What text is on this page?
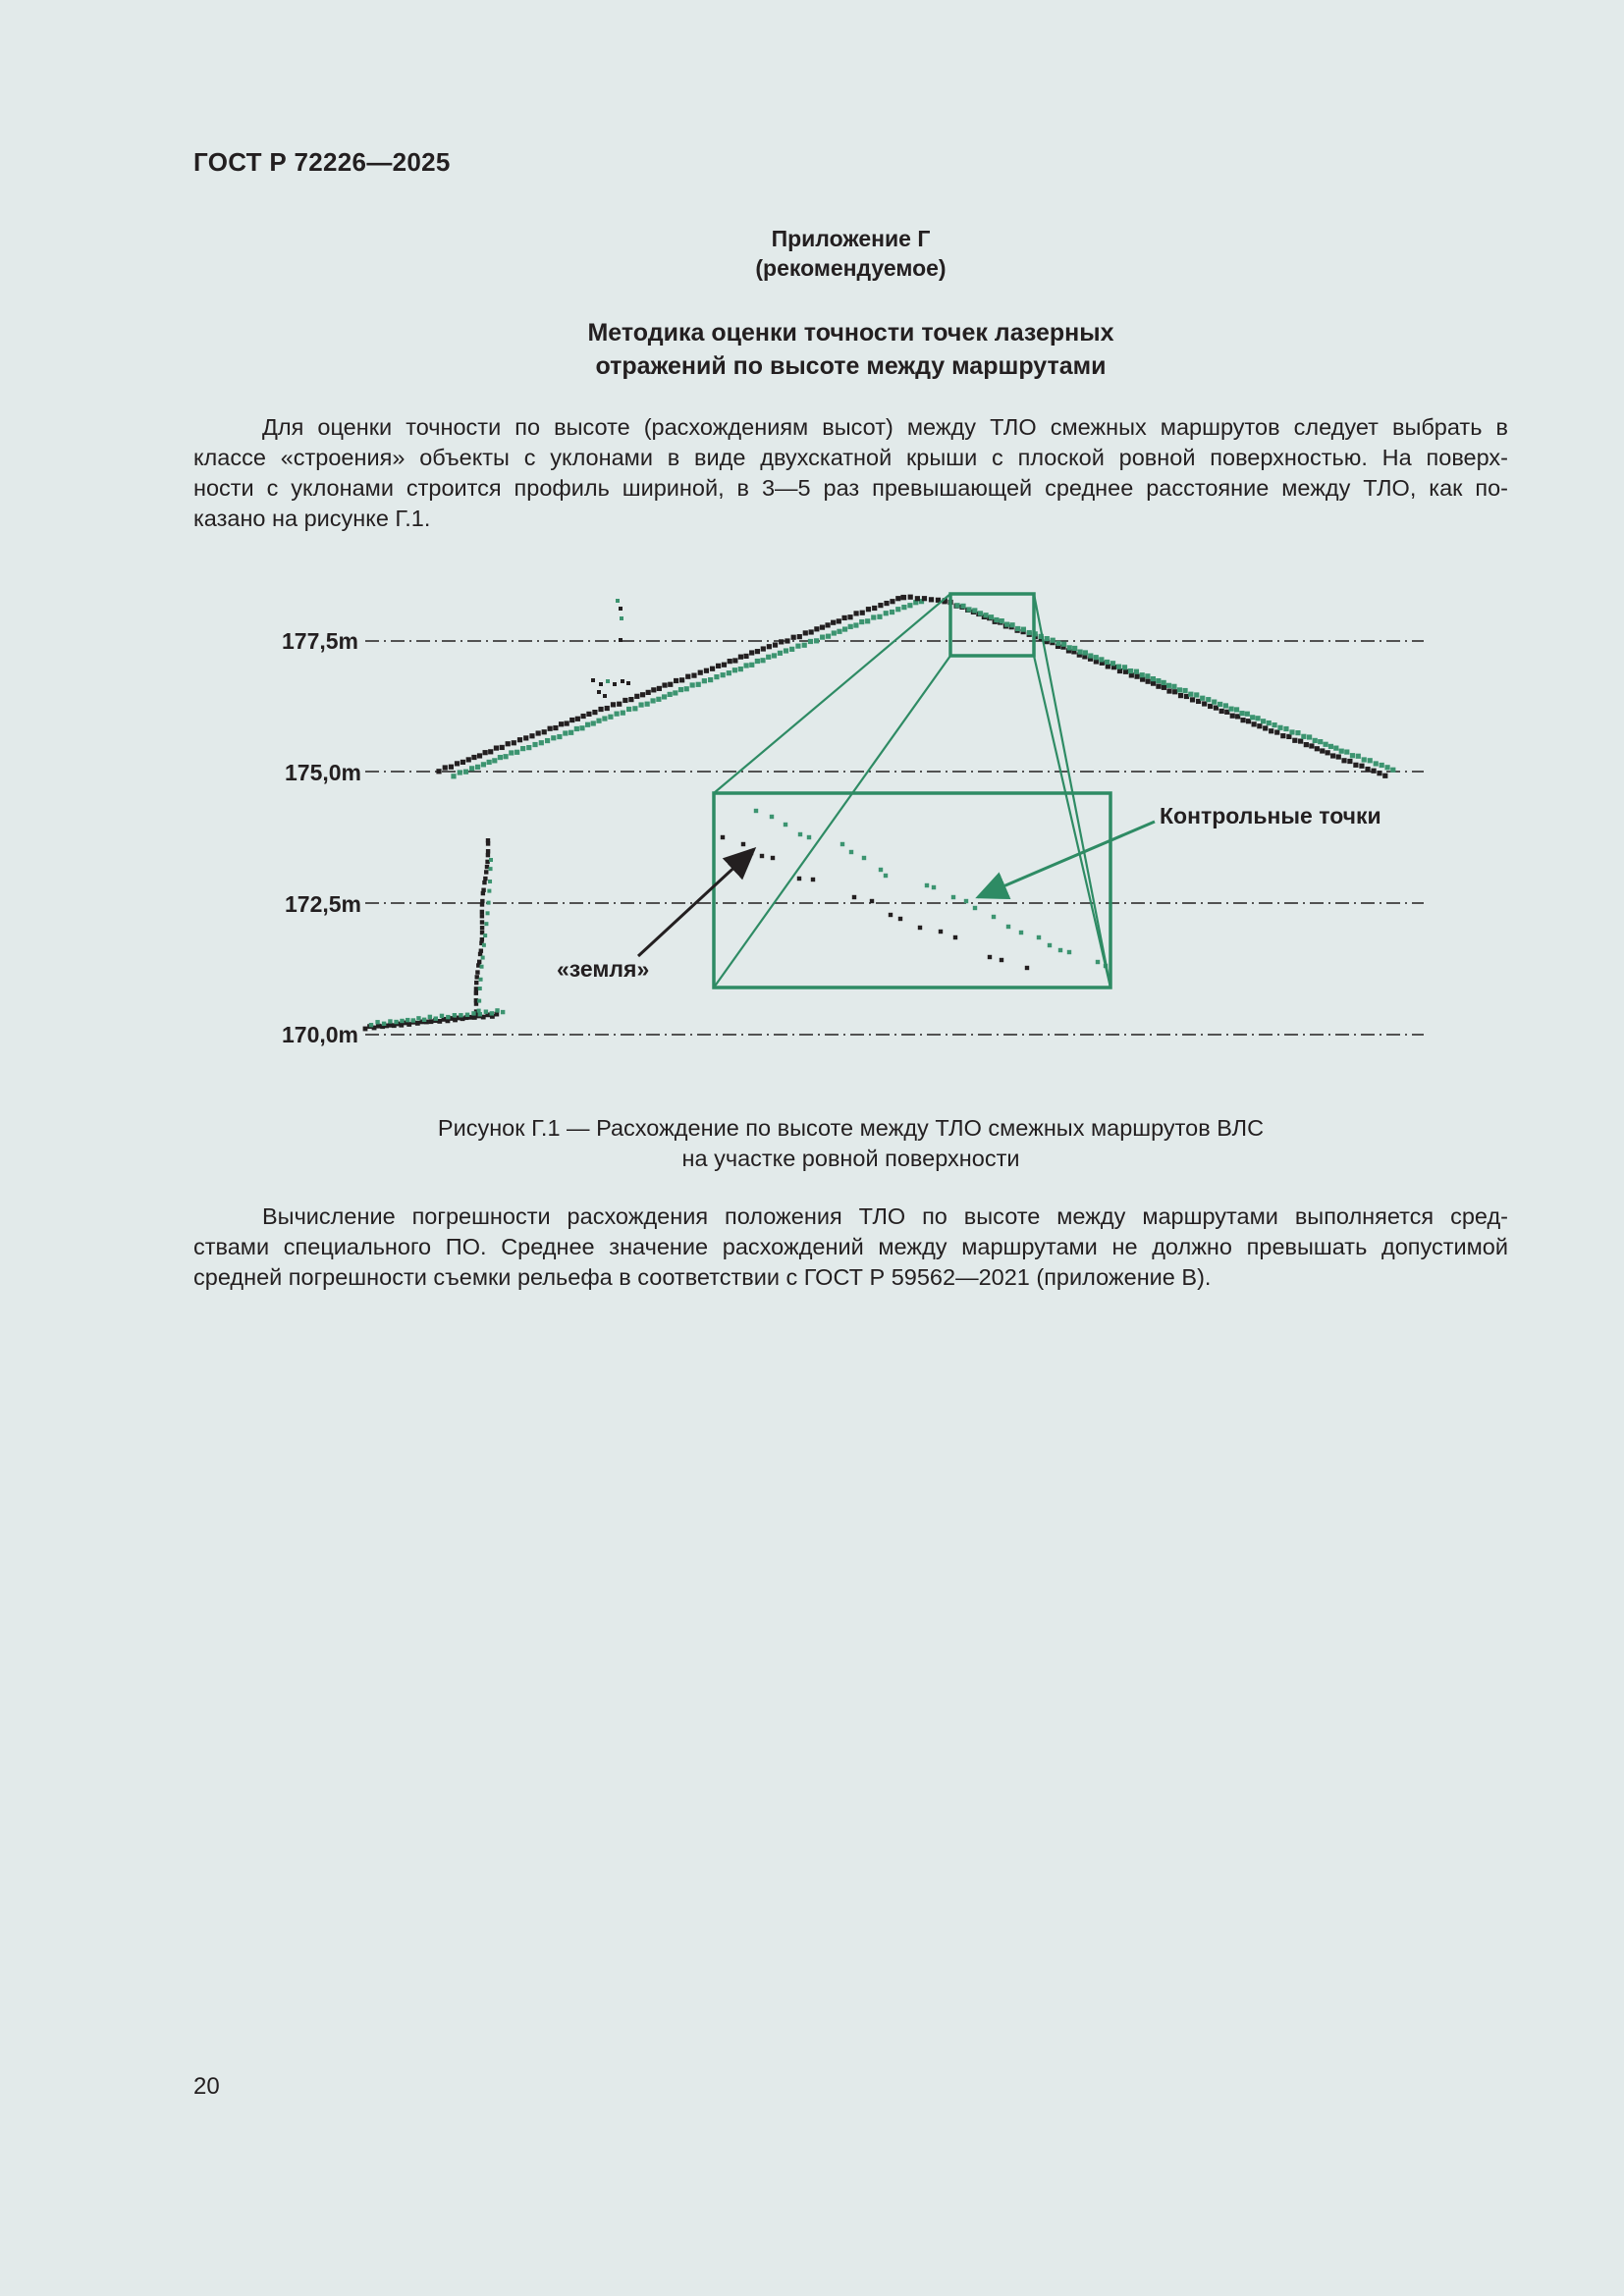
ГОСТ Р 72226—2025
Приложение Г
(рекомендуемое)
Методика оценки точности точек лазерных
отражений по высоте между маршрутами

Для оценки точности по высоте (расхождениям высот) между ТЛО смежных маршрутов следует выбрать в
классе «строения» объекты с уклонами в виде двухскатной крыши с плоской ровной поверхностью. На поверх-
ности с уклонами строится профиль шириной, в 3—5 раз превышающей среднее расстояние между ТЛО, как по-
казано на рисунке Г.1.

177,5m
175,0m
172,5m
170,0m
Контрольные точки
«земля»
Рисунок Г.1 — Расхождение по высоте между ТЛО смежных маршрутов ВЛС
на участке ровной поверхности

Вычисление погрешности расхождения положения ТЛО по высоте между маршрутами выполняется сред-
ствами специального ПО. Среднее значение расхождений между маршрутами не должно превышать допустимой
средней погрешности съемки рельефа в соответствии с ГОСТ Р 59562—2021 (приложение В).

20
